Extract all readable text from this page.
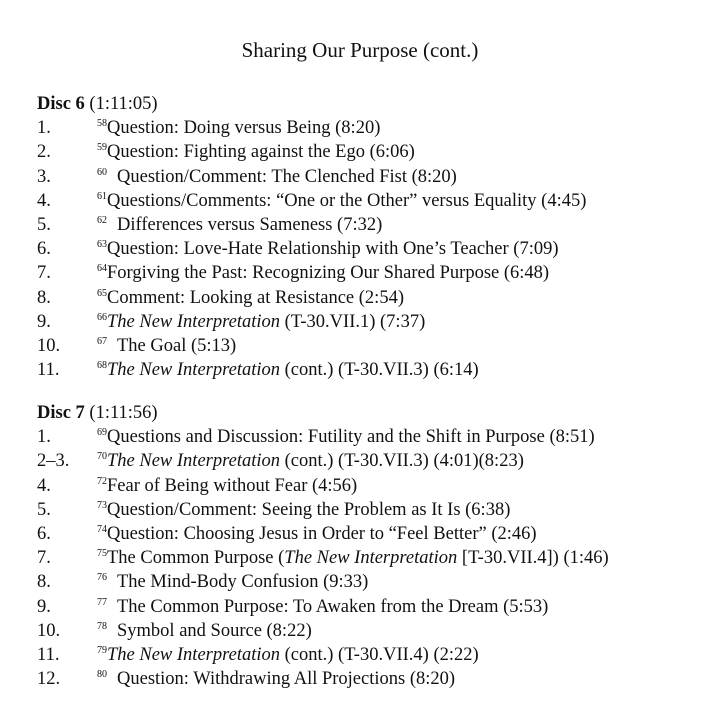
Sharing Our Purpose (cont.)
Disc 6 (1:11:05)
1.	58Question: Doing versus Being (8:20)
2.	59Question: Fighting against the Ego (6:06)
3.	60 Question/Comment: The Clenched Fist (8:20)
4.	61Questions/Comments: “One or the Other” versus Equality (4:45)
5.	62 Differences versus Sameness (7:32)
6.	63Question: Love-Hate Relationship with One’s Teacher (7:09)
7.	64Forgiving the Past: Recognizing Our Shared Purpose (6:48)
8.	65Comment: Looking at Resistance (2:54)
9.	66The New Interpretation (T-30.VII.1) (7:37)
10.	67 The Goal (5:13)
11.	68The New Interpretation (cont.) (T-30.VII.3) (6:14)
Disc 7 (1:11:56)
1.	69Questions and Discussion: Futility and the Shift in Purpose (8:51)
2–3.	70The New Interpretation (cont.) (T-30.VII.3) (4:01)(8:23)
4.	72Fear of Being without Fear (4:56)
5.	73Question/Comment: Seeing the Problem as It Is (6:38)
6.	74Question: Choosing Jesus in Order to “Feel Better” (2:46)
7.	75The Common Purpose (The New Interpretation [T-30.VII.4]) (1:46)
8.	76 The Mind-Body Confusion (9:33)
9.	77 The Common Purpose: To Awaken from the Dream (5:53)
10.	78 Symbol and Source (8:22)
11.	79The New Interpretation (cont.) (T-30.VII.4) (2:22)
12.	80 Question: Withdrawing All Projections (8:20)
